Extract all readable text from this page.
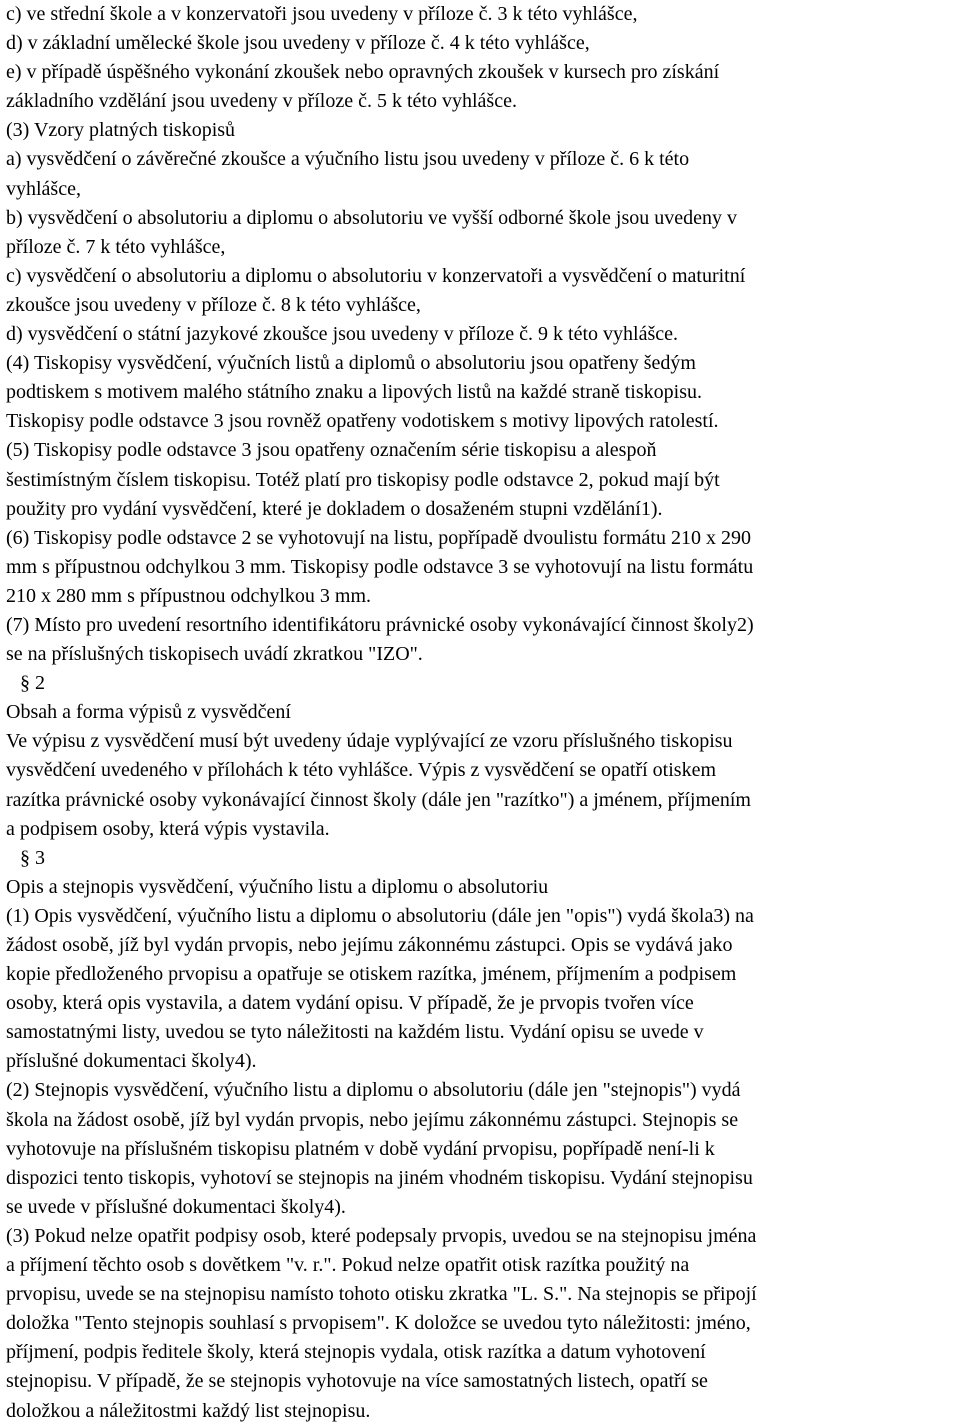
c) ve střední škole a v konzervatoři jsou uvedeny v příloze č. 3 k této vyhlášce,

d) v základní umělecké škole jsou uvedeny v příloze č. 4 k této vyhlášce,

e) v případě úspěšného vykonání zkoušek nebo opravných zkoušek v kursech pro získání

základního vzdělání jsou uvedeny v příloze č. 5 k této vyhlášce.

(3) Vzory platných tiskopisů

a) vysvědčení o závěrečné zkoušce a výučního listu jsou uvedeny v příloze č. 6 k této

vyhlášce,

b) vysvědčení o absolutoriu a diplomu o absolutoriu ve vyšší odborné škole jsou uvedeny v

příloze č. 7 k této vyhlášce,

c) vysvědčení o absolutoriu a diplomu o absolutoriu v konzervatoři a vysvědčení o maturitní

zkoušce jsou uvedeny v příloze č. 8 k této vyhlášce,

d) vysvědčení o státní jazykové zkoušce jsou uvedeny v příloze č. 9 k této vyhlášce.

(4) Tiskopisy vysvědčení, výučních listů a diplomů o absolutoriu jsou opatřeny šedým

podtiskem s motivem malého státního znaku a lipových listů na každé straně tiskopisu.

Tiskopisy podle odstavce 3 jsou rovněž opatřeny vodotiskem s motivy lipových ratolestí.

(5) Tiskopisy podle odstavce 3 jsou opatřeny označením série tiskopisu a alespoň

šestimístným číslem tiskopisu. Totéž platí pro tiskopisy podle odstavce 2, pokud mají být

použity pro vydání vysvědčení, které je dokladem o dosaženém stupni vzdělání1).

(6) Tiskopisy podle odstavce 2 se vyhotovují na listu, popřípadě dvoulistu formátu 210 x 290

mm s přípustnou odchylkou 3 mm. Tiskopisy podle odstavce 3 se vyhotovují na listu formátu

210 x 280 mm s přípustnou odchylkou 3 mm.

(7) Místo pro uvedení resortního identifikátoru právnické osoby vykonávající činnost školy2)

se na příslušných tiskopisech uvádí zkratkou "IZO".

§ 2

Obsah a forma výpisů z vysvědčení

Ve výpisu z vysvědčení musí být uvedeny údaje vyplývající ze vzoru příslušného tiskopisu

vysvědčení uvedeného v přílohách k této vyhlášce. Výpis z vysvědčení se opatří otiskem

razítka právnické osoby vykonávající činnost školy (dále jen "razítko") a jménem, příjmením

a podpisem osoby, která výpis vystavila.

§ 3

Opis a stejnopis vysvědčení, výučního listu a diplomu o absolutoriu

(1) Opis vysvědčení, výučního listu a diplomu o absolutoriu (dále jen "opis") vydá škola3) na

žádost osobě, jíž byl vydán prvopis, nebo jejímu zákonnému zástupci. Opis se vydává jako

kopie předloženého prvopisu a opatřuje se otiskem razítka, jménem, příjmením a podpisem

osoby, která opis vystavila, a datem vydání opisu. V případě, že je prvopis tvořen více

samostatnými listy, uvedou se tyto náležitosti na každém listu. Vydání opisu se uvede v

příslušné dokumentaci školy4).

(2) Stejnopis vysvědčení, výučního listu a diplomu o absolutoriu (dále jen "stejnopis") vydá

škola na žádost osobě, jíž byl vydán prvopis, nebo jejímu zákonnému zástupci. Stejnopis se

vyhotovuje na příslušném tiskopisu platném v době vydání prvopisu, popřípadě není-li k

dispozici tento tiskopis, vyhotoví se stejnopis na jiném vhodném tiskopisu. Vydání stejnopisu

se uvede v příslušné dokumentaci školy4).

(3) Pokud nelze opatřit podpisy osob, které podepsaly prvopis, uvedou se na stejnopisu jména

a příjmení těchto osob s dovětkem "v. r.". Pokud nelze opatřit otisk razítka použitý na

prvopisu, uvede se na stejnopisu namísto tohoto otisku zkratka "L. S.". Na stejnopis se připojí

doložka "Tento stejnopis souhlasí s prvopisem". K doložce se uvedou tyto náležitosti: jméno,

příjmení, podpis ředitele školy, která stejnopis vydala, otisk razítka a datum vyhotovení

stejnopisu. V případě, že se stejnopis vyhotovuje na více samostatných listech, opatří se

doložkou a náležitostmi každý list stejnopisu.
